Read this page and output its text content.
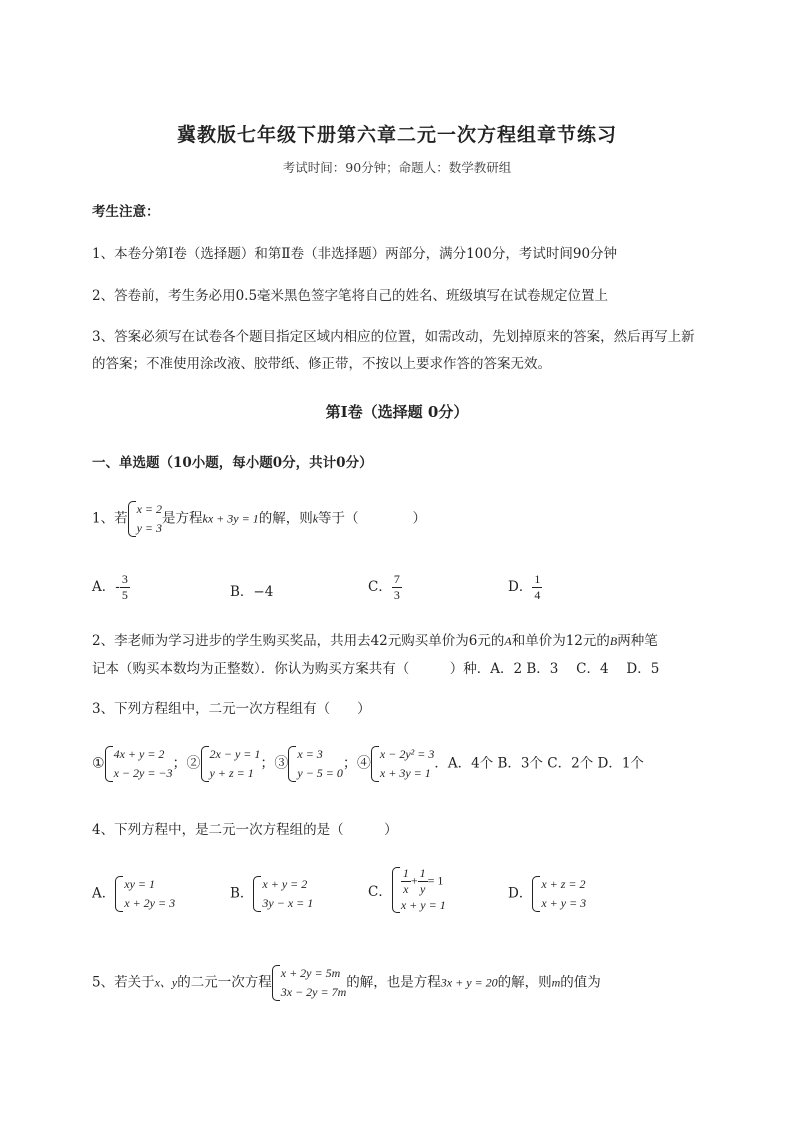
冀教版七年级下册第六章二元一次方程组章节练习
考试时间：90分钟；命题人：数学教研组
考生注意：
1、本卷分第I卷（选择题）和第Ⅱ卷（非选择题）两部分，满分100分，考试时间90分钟
2、答卷前，考生务必用0.5毫米黑色签字笔将自己的姓名、班级填写在试卷规定位置上
3、答案必须写在试卷各个题目指定区域内相应的位置，如需改动，先划掉原来的答案，然后再写上新
的答案；不准使用涂改液、胶带纸、修正带，不按以上要求作答的答案无效。
第I卷（选择题 0分）
一、单选题（10小题，每小题0分，共计0分）
1、若
x = 2
y = 3
是方程kx + 3y = 1的解，则k等于（　　　　）
A．- $\frac{3}{5}$	B．−4	C． $\frac{7}{3}$	D． $\frac{1}{4}$
2、李老师为学习进步的学生购买奖品，共用去42元购买单价为6元的A和单价为12元的B两种笔
记本（购买本数均为正整数）．你认为购买方案共有（　　　）种．A．2 B．3　 C．4　 D．5
3、下列方程组中，二元一次方程组有（　　）
①
4x + y = 2
x − 2y = −3
；②
2x − y = 1
y + z = 1
；③
x = 3
y − 5 = 0
；④
x − 2y² = 3
x + 3y = 1
．A．4个 B．3个 C．2个 D．1个
4、下列方程中，是二元一次方程组的是（　　　）
A．
xy = 1
x + 2y = 3
B．
x + y = 2
3y − x = 1
C． $\frac{1}{x} + \frac{1}{y} = 1$
x + y = 1
D．
x + z = 2
x + y = 3
5、若关于x、y的二元一次方程
x + 2y = 5m
3x − 2y = 7m
的解，也是方程3x + y = 20的解，则m的值为
